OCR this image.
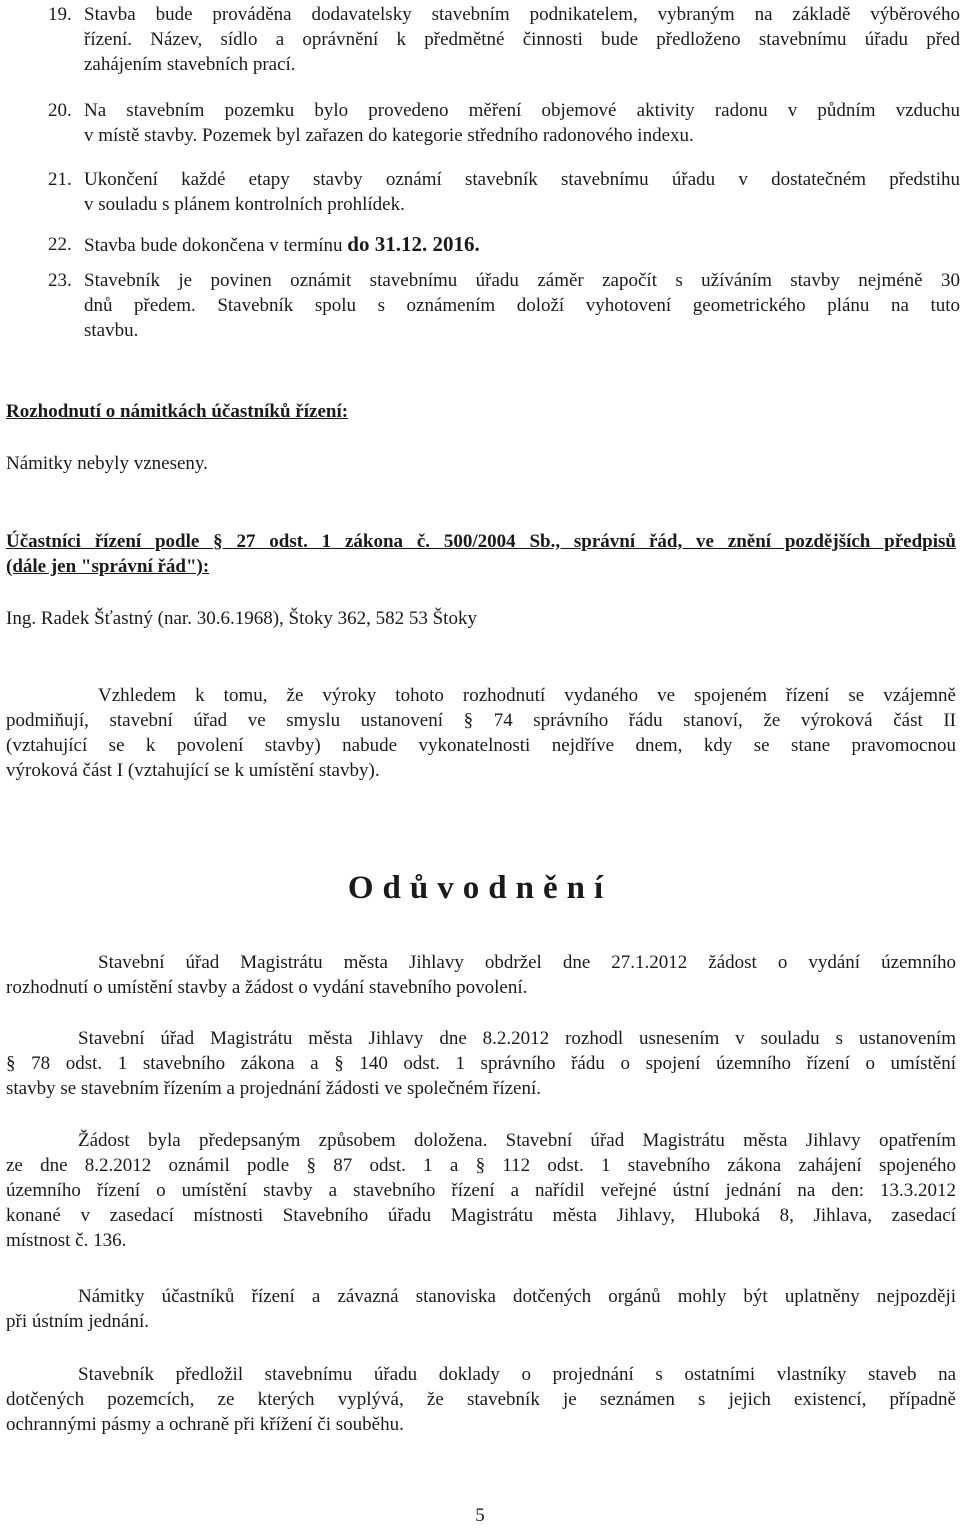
19. Stavba bude prováděna dodavatelsky stavebním podnikatelem, vybraným na základě výběrového
řízení. Název, sídlo a oprávnění k předmětné činnosti bude předloženo stavebnímu úřadu před
zahájením stavebních prací.
20. Na stavebním pozemku bylo provedeno měření objemové aktivity radonu v půdním vzduchu
v místě stavby. Pozemek byl zařazen do kategorie středního radonového indexu.
21. Ukončení každé etapy stavby oznámí stavebník stavebnímu úřadu v dostatečném předstihu
v souladu s plánem kontrolních prohlídek.
22. Stavba bude dokončena v termínu do 31.12. 2016.
23. Stavebník je povinen oznámit stavebnímu úřadu záměr započít s užíváním stavby nejméně 30
dnů předem. Stavebník spolu s oznámením doloží vyhotovení geometrického plánu na tuto
stavbu.
Rozhodnutí o námitkách účastníků řízení:
Námitky nebyly vzneseny.
Účastníci řízení podle § 27 odst. 1 zákona č. 500/2004 Sb., správní řád, ve znění pozdějších předpisů
(dále jen "správní řád"):
Ing. Radek Šťastný (nar. 30.6.1968), Štoky 362, 582 53 Štoky
Vzhledem k tomu, že výroky tohoto rozhodnutí vydaného ve spojeném řízení se vzájemně
podmiňují, stavební úřad ve smyslu ustanovení § 74 správního řádu stanoví, že výroková část II
(vztahující se k povolení stavby) nabude vykonatelnosti nejdříve dnem, kdy se stane pravomocnou
výroková část I (vztahující se k umístění stavby).
Odůvodnění
Stavební úřad Magistrátu města Jihlavy obdržel dne 27.1.2012 žádost o vydání územního
rozhodnutí o umístění stavby a žádost o vydání stavebního povolení.
Stavební úřad Magistrátu města Jihlavy dne 8.2.2012 rozhodl usnesením v souladu s ustanovením
§ 78 odst. 1 stavebního zákona a § 140 odst. 1 správního řádu o spojení územního řízení o umístění
stavby se stavebním řízením a projednání žádosti ve společném řízení.
Žádost byla předepsaným způsobem doložena. Stavební úřad Magistrátu města Jihlavy opatřením
ze dne 8.2.2012 oznámil podle § 87 odst. 1 a § 112 odst. 1 stavebního zákona zahájení spojeného
územního řízení o umístění stavby a stavebního řízení a nařídil veřejné ústní jednání na den: 13.3.2012
konané v zasedací místnosti Stavebního úřadu Magistrátu města Jihlavy, Hluboká 8, Jihlava, zasedací
místnost č. 136.
Námitky účastníků řízení a závazná stanoviska dotčených orgánů mohly být uplatněny nejpozději
při ústním jednání.
Stavebník předložil stavebnímu úřadu doklady o projednání s ostatními vlastníky staveb na
dotčených pozemcích, ze kterých vyplývá, že stavebník je seznámen s jejich existencí, případně
ochrannými pásmy a ochraně při křížení či souběhu.
5
